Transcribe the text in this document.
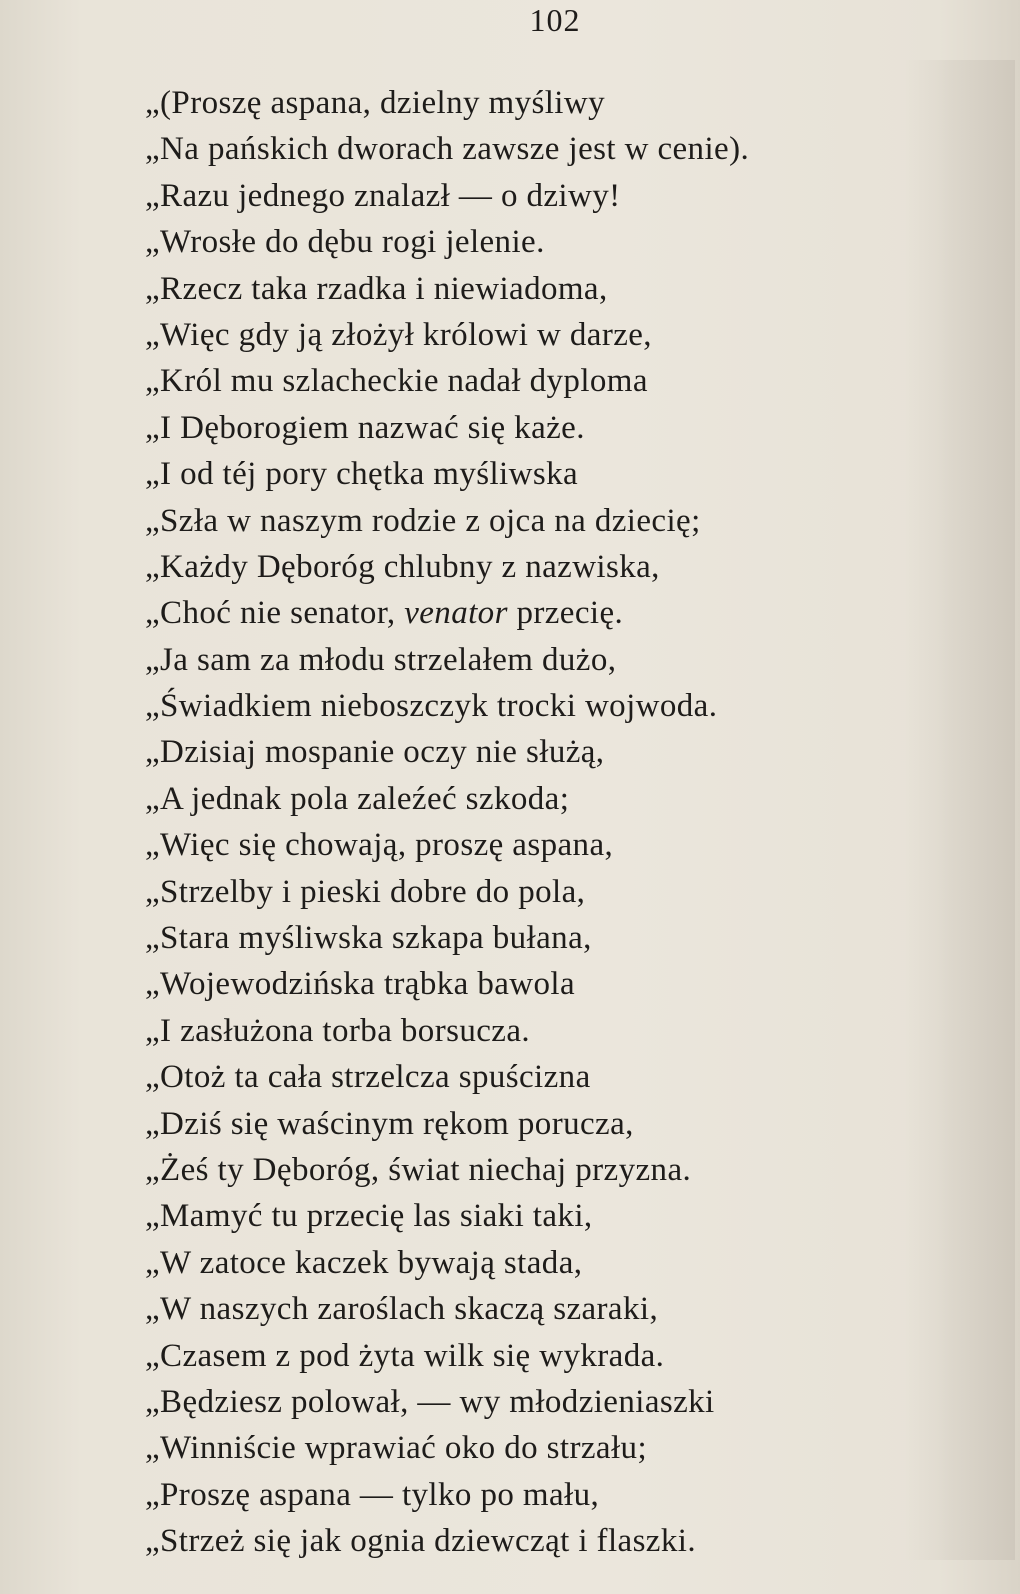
102
„(Proszę aspana, dzielny myśliwy
„Na pańskich dworach zawsze jest w cenie).
„Razu jednego znalazł — o dziwy!
„Wrosłe do dębu rogi jelenie.
„Rzecz taka rzadka i niewiadoma,
„Więc gdy ją złożył królowi w darze,
„Król mu szlacheckie nadał dyploma
„I Dęborogiem nazwać się każe.
„I od téj pory chętka myśliwska
„Szła w naszym rodzie z ojca na dziecię;
„Każdy Dęboróg chlubny z nazwiska,
„Choć nie senator, venator przecię.
„Ja sam za młodu strzelałem dużo,
„Świadkiem nieboszczyk trocki wojwoda.
„Dzisiaj mospanie oczy nie służą,
„A jednak pola zaleźeć szkoda;
„Więc się chowają, proszę aspana,
„Strzelby i pieski dobre do pola,
„Stara myśliwska szkapa bułana,
„Wojewodzińska trąbka bawola
„I zasłużona torba borsucza.
„Otoż ta cała strzelcza spuścizna
„Dziś się waścinym rękom porucza,
„Żeś ty Dęboróg, świat niechaj przyzna.
„Mamyć tu przecię las siaki taki,
„W zatoce kaczek bywają stada,
„W naszych zaroślach skaczą szaraki,
„Czasem z pod żyta wilk się wykrada.
„Będziesz polował, — wy młodzieniaszki
„Winniście wprawiać oko do strzału;
„Proszę aspana — tylko po mału,
„Strzeż się jak ognia dziewcząt i flaszki.
